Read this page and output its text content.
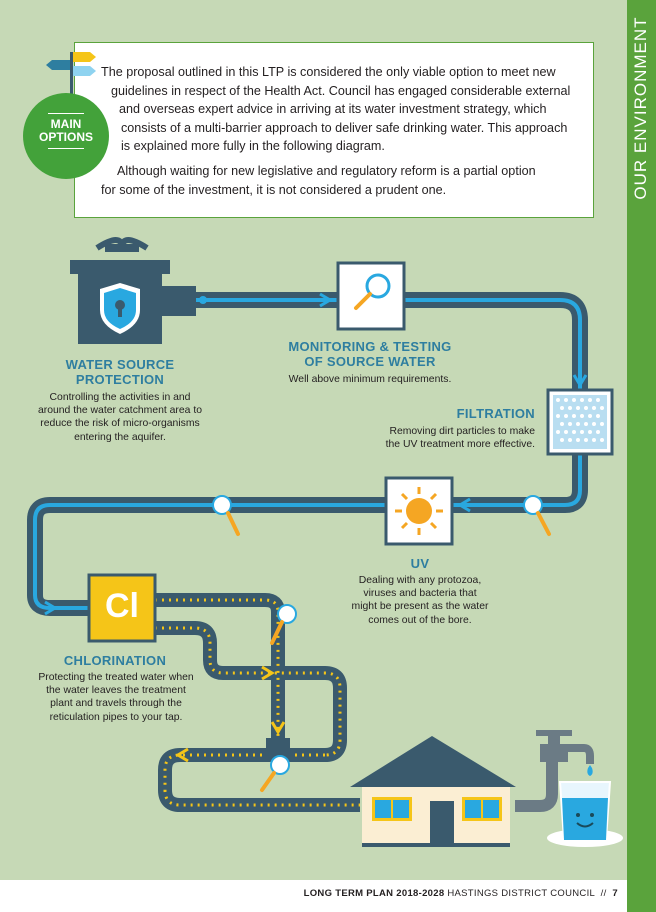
OUR ENVIRONMENT

The proposal outlined in this LTP is considered the only viable option to meet new

guidelines in respect of the Health Act. Council has engaged considerable external

and overseas expert advice in arriving at its water investment strategy, which

consists of a multi-barrier approach to deliver safe drinking water. This approach

is explained more fully in the following diagram.

Although waiting for new legislative and regulatory reform is a partial option

for some of the investment, it is not considered a prudent one.

MAIN
OPTIONS
Cl
WATER SOURCE
PROTECTION
Controlling the activities in and
around the water catchment area to
reduce the risk of micro-organisms
entering the aquifer.
MONITORING & TESTING
OF SOURCE WATER
Well above minimum requirements.
FILTRATION
Removing dirt particles to make
the UV treatment more effective.
UV
Dealing with any protozoa,
viruses and bacteria that
might be present as the water
comes out of the bore.
CHLORINATION
Protecting the treated water when
the water leaves the treatment
plant and travels through the
reticulation pipes to your tap.
LONG TERM PLAN 2018-2028 HASTINGS DISTRICT COUNCIL // 7
